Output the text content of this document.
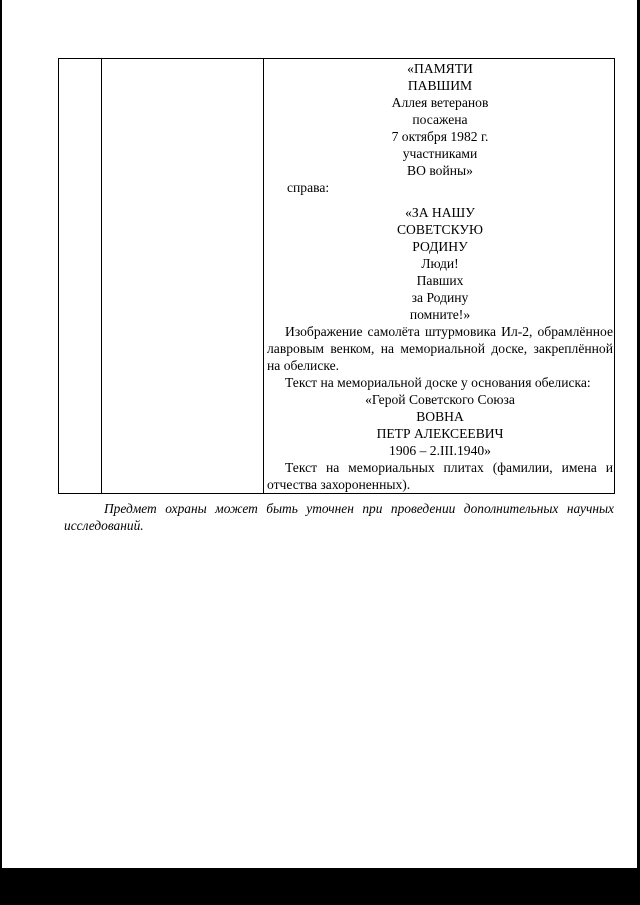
«ПАМЯТИ

ПАВШИМ

Аллея ветеранов

посажена

7 октября 1982 г.

участниками

ВО войны»

справа:

«ЗА НАШУ

СОВЕТСКУЮ

РОДИНУ

Люди!

Павших

за Родину

помните!»

Изображение самолёта штурмовика Ил-2, обрамлённое лавровым венком, на мемориальной доске, закреплённой на обелиске.

Текст на мемориальной доске у основания обелиска:

«Герой Советского Союза

ВОВНА

ПЕТР АЛЕКСЕЕВИЧ

1906 – 2.III.1940»

Текст на мемориальных плитах (фамилии, имена и отчества захороненных).

Предмет охраны может быть уточнен при проведении дополнительных научных исследований.
